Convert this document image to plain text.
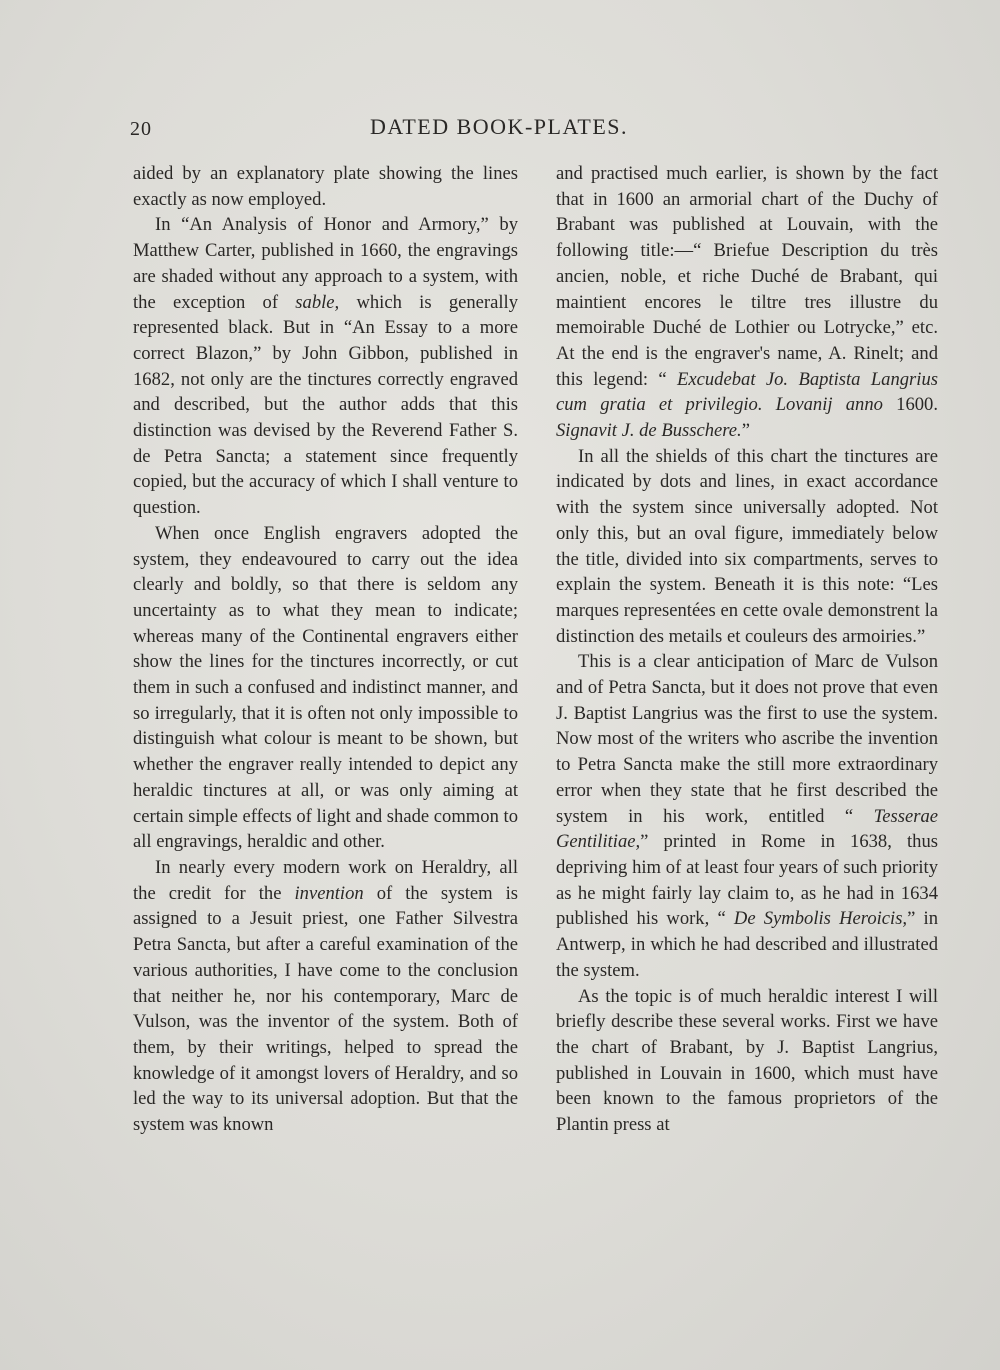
20	DATED BOOK-PLATES.

aided by an explanatory plate showing the lines exactly as now employed.

In “An Analysis of Honor and Armory,” by Matthew Carter, published in 1660, the engravings are shaded without any approach to a system, with the exception of sable, which is generally represented black. But in “An Essay to a more correct Blazon,” by John Gibbon, published in 1682, not only are the tinctures correctly engraved and described, but the author adds that this distinction was devised by the Reverend Father S. de Petra Sancta; a statement since frequently copied, but the accuracy of which I shall venture to question.

When once English engravers adopted the system, they endeavoured to carry out the idea clearly and boldly, so that there is seldom any uncertainty as to what they mean to indicate; whereas many of the Continental engravers either show the lines for the tinctures incorrectly, or cut them in such a confused and indistinct manner, and so irregularly, that it is often not only impossible to distinguish what colour is meant to be shown, but whether the engraver really intended to depict any heraldic tinctures at all, or was only aiming at certain simple effects of light and shade common to all engravings, heraldic and other.

In nearly every modern work on Heraldry, all the credit for the invention of the system is assigned to a Jesuit priest, one Father Silvestra Petra Sancta, but after a careful examination of the various authorities, I have come to the conclusion that neither he, nor his contemporary, Marc de Vulson, was the inventor of the system. Both of them, by their writings, helped to spread the knowledge of it amongst lovers of Heraldry, and so led the way to its universal adoption. But that the system was known

and practised much earlier, is shown by the fact that in 1600 an armorial chart of the Duchy of Brabant was published at Louvain, with the following title:—“ Briefue Description du très ancien, noble, et riche Duché de Brabant, qui maintient encores le tiltre tres illustre du memoirable Duché de Lothier ou Lotrycke,” etc. At the end is the engraver's name, A. Rinelt; and this legend: “ Excudebat Jo. Baptista Langrius cum gratia et privilegio. Lovanij anno 1600. Signavit J. de Busschere.”

In all the shields of this chart the tinctures are indicated by dots and lines, in exact accordance with the system since universally adopted. Not only this, but an oval figure, immediately below the title, divided into six compartments, serves to explain the system. Beneath it is this note: “Les marques representées en cette ovale demonstrent la distinction des metails et couleurs des armoiries.”

This is a clear anticipation of Marc de Vulson and of Petra Sancta, but it does not prove that even J. Baptist Langrius was the first to use the system. Now most of the writers who ascribe the invention to Petra Sancta make the still more extraordinary error when they state that he first described the system in his work, entitled “ Tesserae Gentilitiae,” printed in Rome in 1638, thus depriving him of at least four years of such priority as he might fairly lay claim to, as he had in 1634 published his work, “ De Symbolis Heroicis,” in Antwerp, in which he had described and illustrated the system.

As the topic is of much heraldic interest I will briefly describe these several works. First we have the chart of Brabant, by J. Baptist Langrius, published in Louvain in 1600, which must have been known to the famous proprietors of the Plantin press at
